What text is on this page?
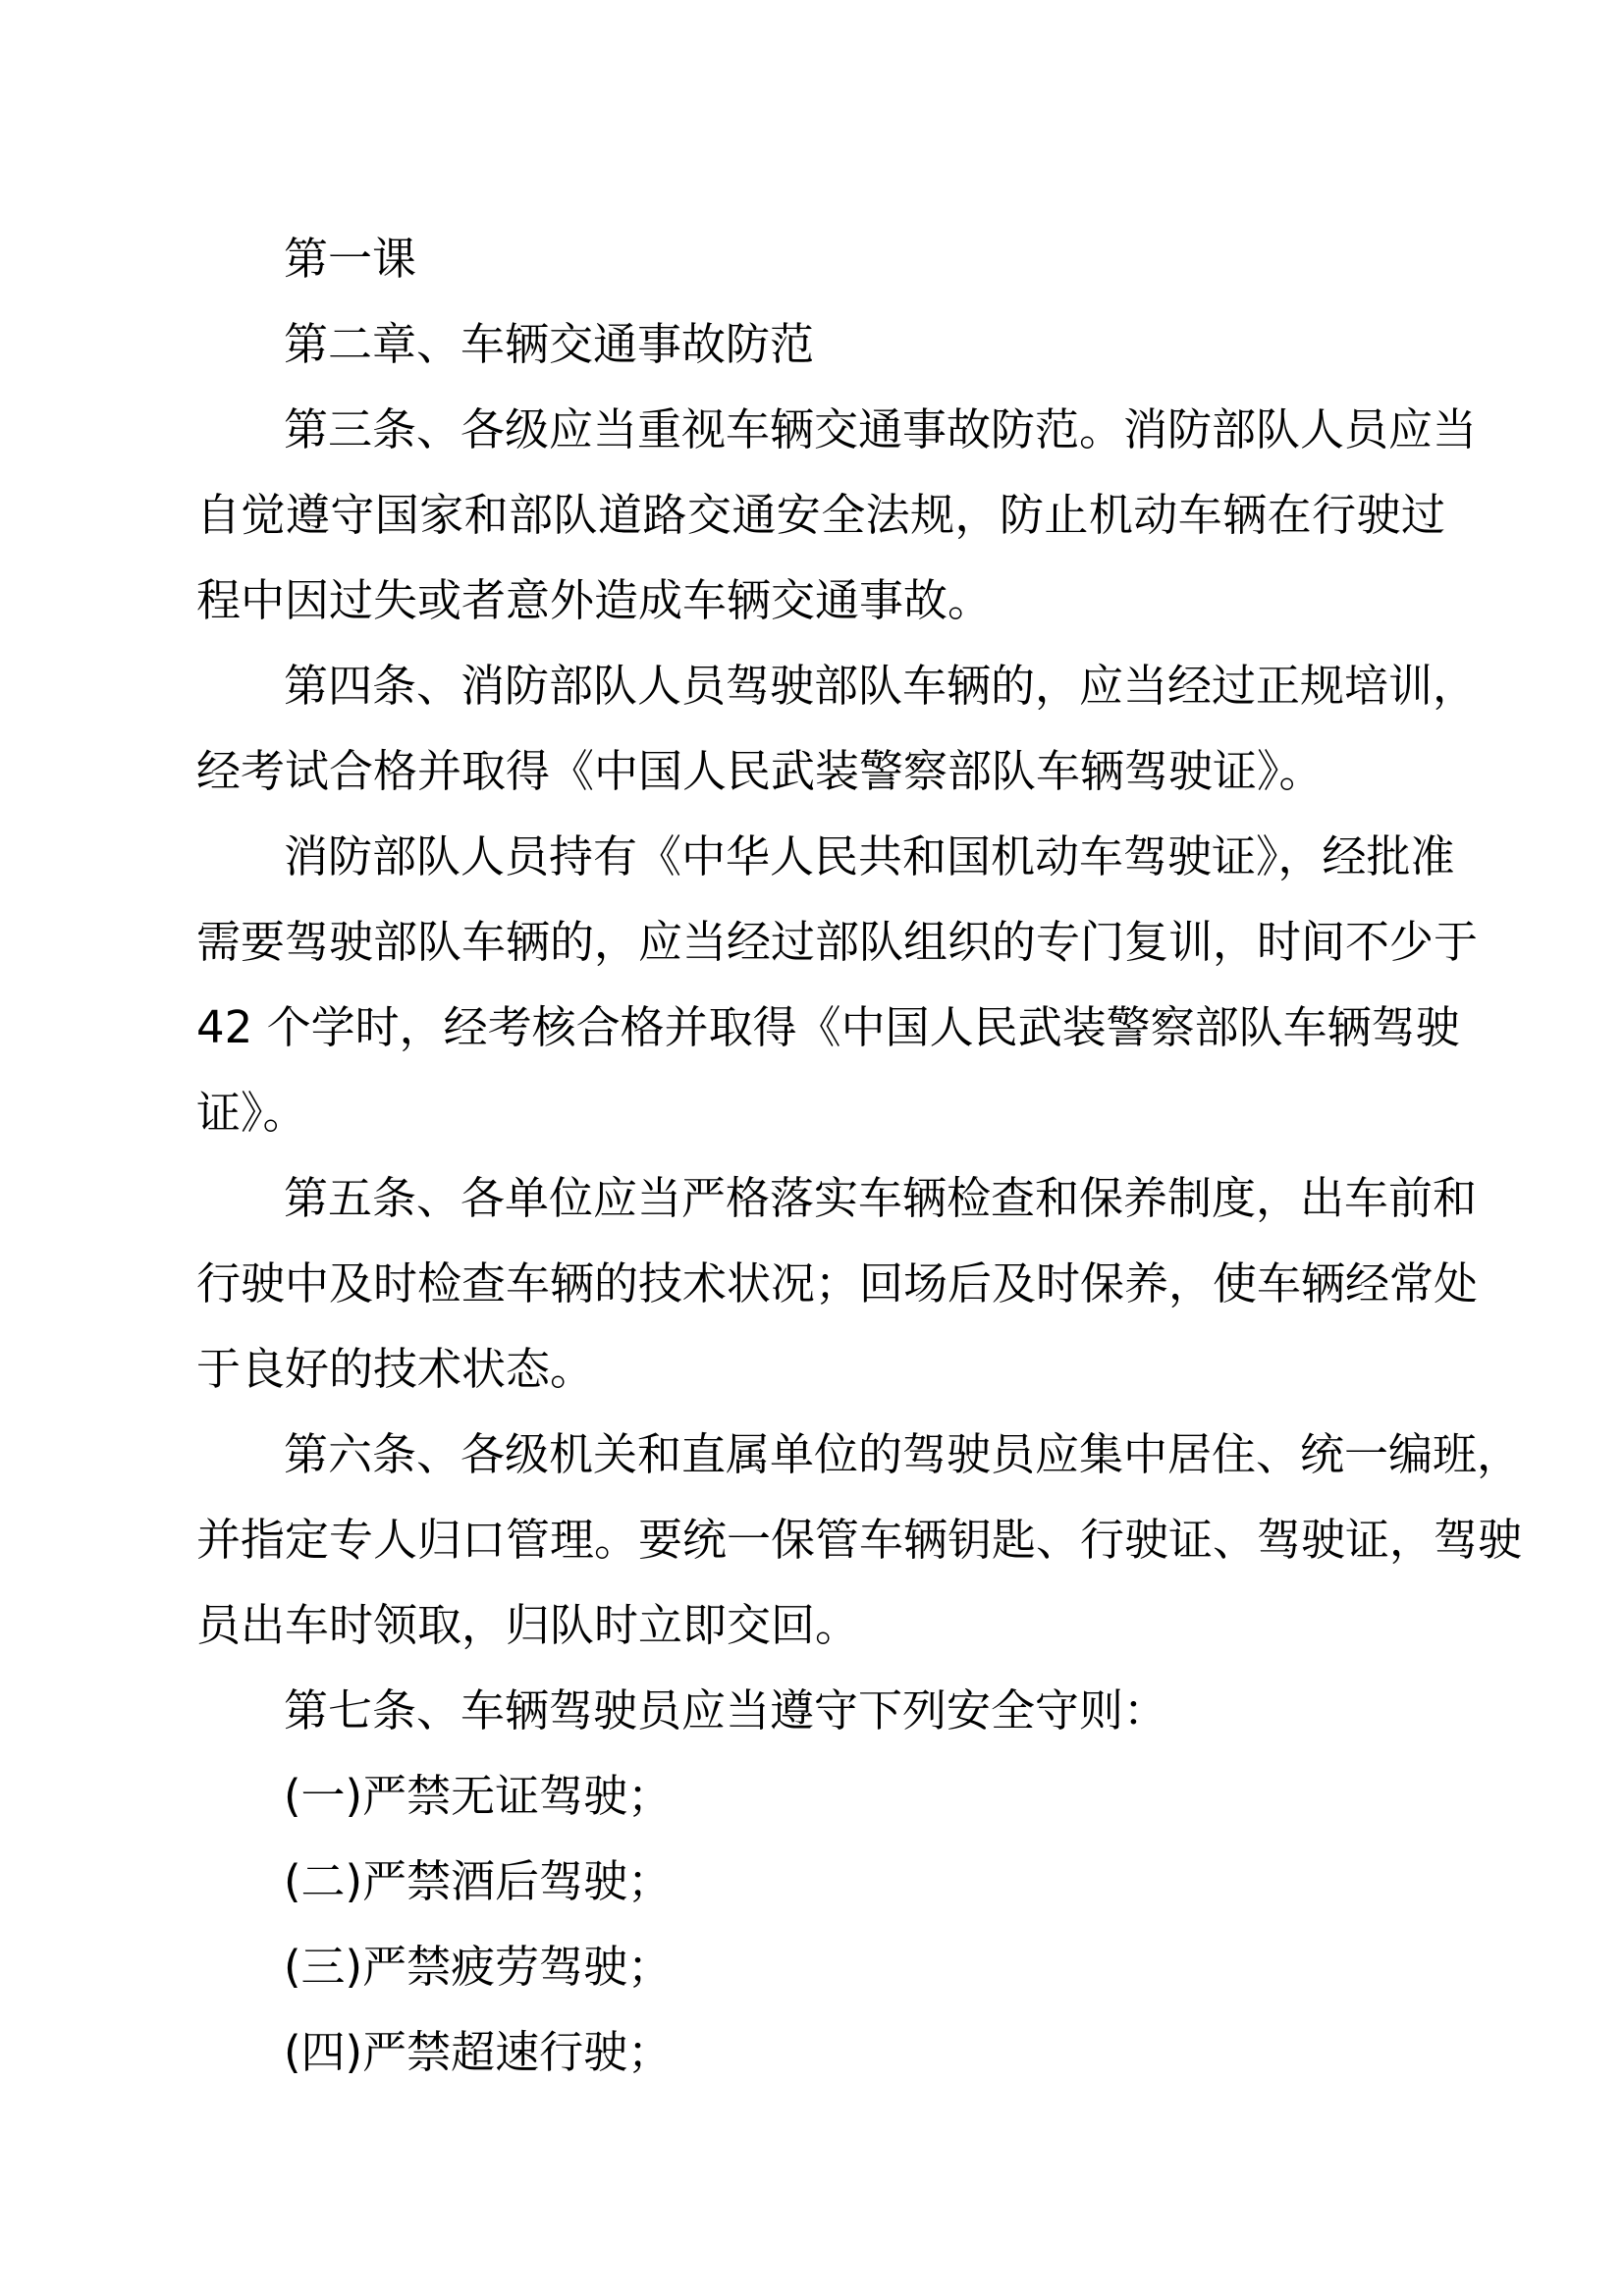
第一课
第二章、车辆交通事故防范
第三条、各级应当重视车辆交通事故防范。消防部队人员应当
自觉遵守国家和部队道路交通安全法规，防止机动车辆在行驶过
程中因过失或者意外造成车辆交通事故。
第四条、消防部队人员驾驶部队车辆的，应当经过正规培训，
经考试合格并取得《中国人民武装警察部队车辆驾驶证》。
消防部队人员持有《中华人民共和国机动车驾驶证》，经批准
需要驾驶部队车辆的，应当经过部队组织的专门复训，时间不少于
42 个学时，经考核合格并取得《中国人民武装警察部队车辆驾驶
证》。
第五条、各单位应当严格落实车辆检查和保养制度，出车前和
行驶中及时检查车辆的技术状况；回场后及时保养，使车辆经常处
于良好的技术状态。
第六条、各级机关和直属单位的驾驶员应集中居住、统一编班，
并指定专人归口管理。要统一保管车辆钥匙、行驶证、驾驶证，驾驶
员出车时领取，归队时立即交回。
第七条、车辆驾驶员应当遵守下列安全守则：
(一)严禁无证驾驶；
(二)严禁酒后驾驶；
(三)严禁疲劳驾驶；
(四)严禁超速行驶；
